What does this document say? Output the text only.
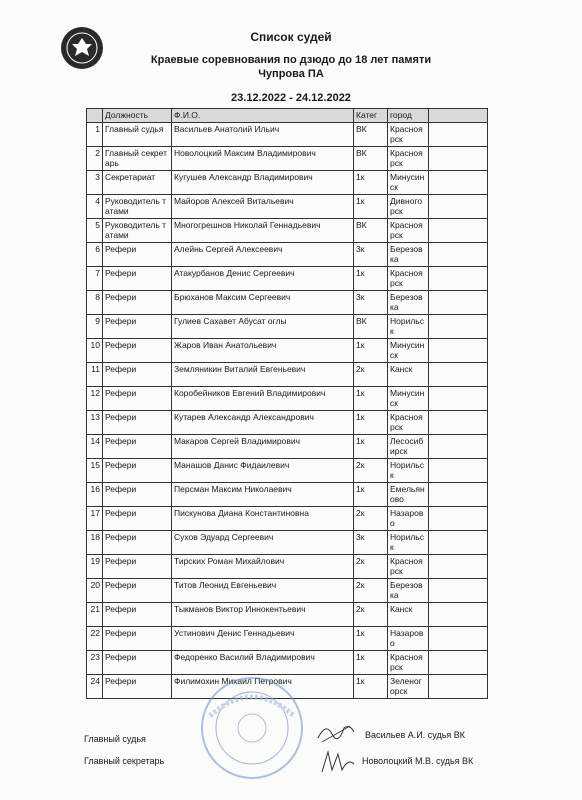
Список судей
Краевые соревнования по дзюдо до 18 лет памяти
Чупрова ПА
23.12.2022 - 24.12.2022
	Должность	Ф.И.О.	Катег	город	
1	Главный судья	Васильев Анатолий Ильич	ВК	Красноярск	
2	Главный секретарь	Новолоцкий Максим Владимирович	ВК	Красноярск	
3	Секретариат	Кугушев Александр Владимирович	1к	Минусинск	
4	Руководитель татами	Майоров Алексей Витальевич	1к	Дивногорск	
5	Руководитель татами	Многогрешнов Николай Геннадьевич	ВК	Красноярск	
6	Рефери	Алейнь Сергей Алексеевич	3к	Березовка	
7	Рефери	Атакурбанов Денис Сергеевич	1к	Красноярск	
8	Рефери	Брюханов Максим Сергеевич	3к	Березовка	
9	Рефери	Гулиев Сахавет Абусат оглы	ВК	Норильск	
10	Рефери	Жаров Иван Анатольевич	1к	Минусинск	
11	Рефери	Земляникин Виталий Евгеньевич	2к	Канск	
12	Рефери	Коробейников Евгений Владимирович	1к	Минусинск	
13	Рефери	Кутарев Александр Александрович	1к	Красноярск	
14	Рефери	Макаров Сергей Владимирович	1к	Лесосибирск	
15	Рефери	Манашов Данис Фидаилевич	2к	Норильск	
16	Рефери	Персман Максим Николаевич	1к	Емельяново	
17	Рефери	Пискунова Диана Константиновна	2к	Назарово	
18	Рефери	Сухов Эдуард Сергеевич	3к	Норильск	
19	Рефери	Тирских Роман Михайлович	2к	Красноярск	
20	Рефери	Титов Леонид Евгеньевич	2к	Березовка	
21	Рефери	Тыкманов Виктор Иннокентьевич	2к	Канск	
22	Рефери	Устинович Денис Геннадьевич	1к	Назарово	
23	Рефери	Федоренко Василий Владимирович	1к	Красноярск	
24	Рефери	Филимохин Михаил Петрович	1к	Зеленогорск	
Главный судья	Васильев А.И. судья ВК
Главный секретарь	Новолоцкий М.В. судья ВК
